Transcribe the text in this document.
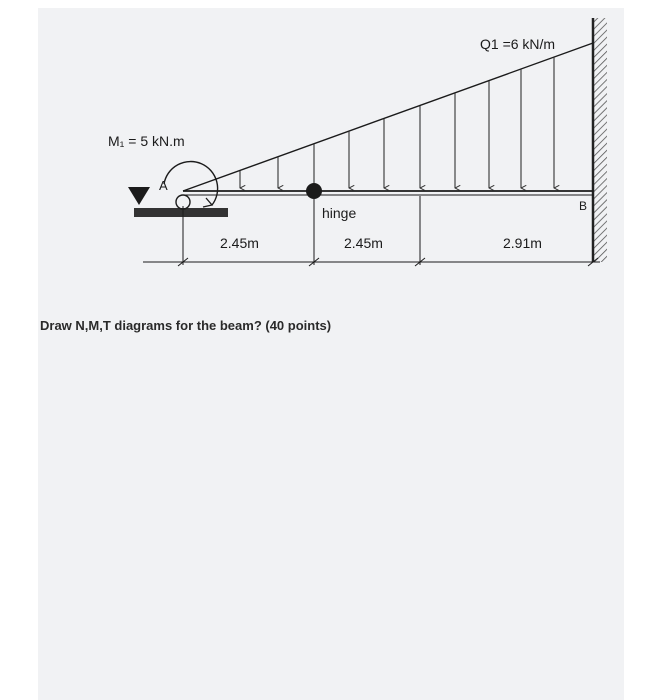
Q1 =6 kN/m
M₁ = 5 kN.m
A
B
hinge
2.45m	2.45m	2.91m
Draw N,M,T diagrams for the beam? (40 points)
